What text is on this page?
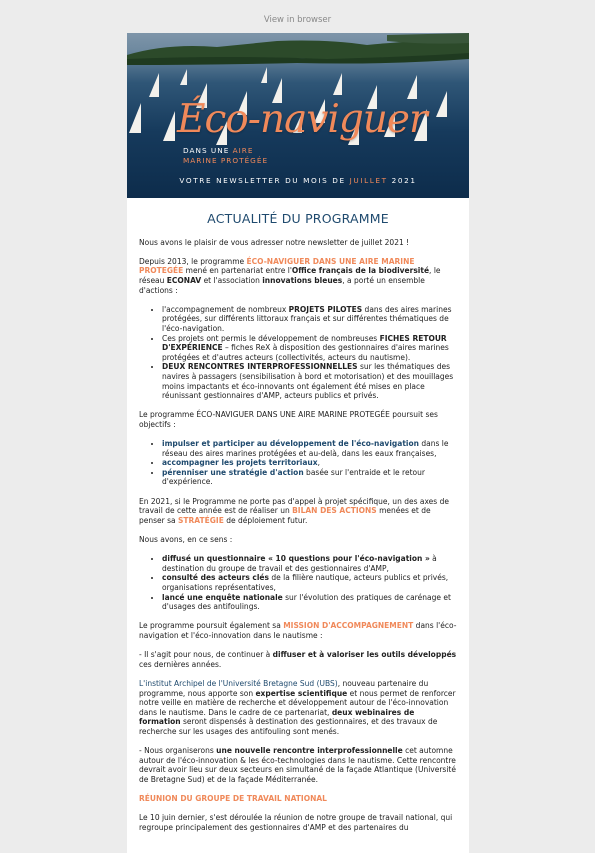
View in browser
Éco-naviguer
DANS UNE AIRE
MARINE PROTÉGÉE
VOTRE NEWSLETTER DU MOIS DE JUILLET 2021
ACTUALITÉ DU PROGRAMME

Nous avons le plaisir de vous adresser notre newsletter de juillet 2021 !

Depuis 2013, le programme ÉCO-NAVIGUER DANS UNE AIRE MARINE PROTEGÉE mené en partenariat entre l'Office français de la biodiversité, le réseau ECONAV et l'association innovations bleues, a porté un ensemble d'actions :

• l'accompagnement de nombreux PROJETS PILOTES dans des aires marines protégées, sur différents littoraux français et sur différentes thématiques de l'éco-navigation.
• Ces projets ont permis le développement de nombreuses FICHES RETOUR D'EXPÉRIENCE – fiches ReX à disposition des gestionnaires d'aires marines protégées et d'autres acteurs (collectivités, acteurs du nautisme).
• DEUX RENCONTRES INTERPROFESSIONNELLES sur les thématiques des navires à passagers (sensibilisation à bord et motorisation) et des mouillages moins impactants et éco-innovants ont également été mises en place réunissant gestionnaires d'AMP, acteurs publics et privés.

Le programme ÉCO-NAVIGUER DANS UNE AIRE MARINE PROTEGÉE poursuit ses objectifs :

• impulser et participer au développement de l'éco-navigation dans le réseau des aires marines protégées et au-delà, dans les eaux françaises,
• accompagner les projets territoriaux,
• pérenniser une stratégie d'action basée sur l'entraide et le retour d'expérience.

En 2021, si le Programme ne porte pas d'appel à projet spécifique, un des axes de travail de cette année est de réaliser un BILAN DES ACTIONS menées et de penser sa STRATÉGIE de déploiement futur.

Nous avons, en ce sens :

• diffusé un questionnaire « 10 questions pour l'éco-navigation » à destination du groupe de travail et des gestionnaires d'AMP,
• consulté des acteurs clés de la filière nautique, acteurs publics et privés, organisations représentatives,
• lancé une enquête nationale sur l'évolution des pratiques de carénage et d'usages des antifoulings.

Le programme poursuit également sa MISSION D'ACCOMPAGNEMENT dans l'éco-navigation et l'éco-innovation dans le nautisme :

- Il s'agit pour nous, de continuer à diffuser et à valoriser les outils développés ces dernières années.

L'institut Archipel de l'Université Bretagne Sud (UBS), nouveau partenaire du programme, nous apporte son expertise scientifique et nous permet de renforcer notre veille en matière de recherche et développement autour de l'éco-innovation dans le nautisme. Dans le cadre de ce partenariat, deux webinaires de formation seront dispensés à destination des gestionnaires, et des travaux de recherche sur les usages des antifouling sont menés.

- Nous organiserons une nouvelle rencontre interprofessionnelle cet automne autour de l'éco-innovation & les éco-technologies dans le nautisme. Cette rencontre devrait avoir lieu sur deux secteurs en simultané de la façade Atlantique (Université de Bretagne Sud) et de la façade Méditerranée.

RÉUNION DU GROUPE DE TRAVAIL NATIONAL

Le 10 juin dernier, s'est déroulée la réunion de notre groupe de travail national, qui regroupe principalement des gestionnaires d'AMP et des partenaires du
